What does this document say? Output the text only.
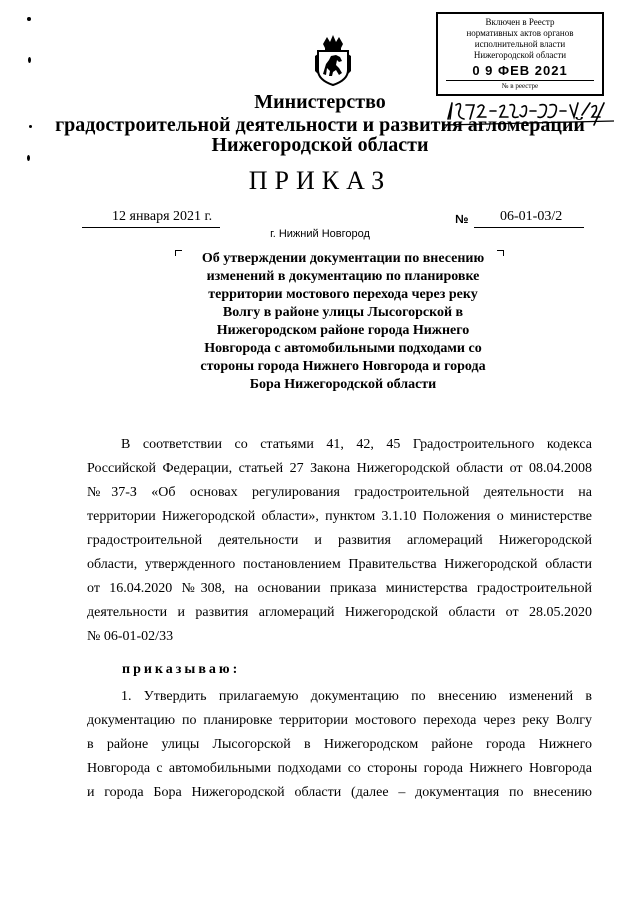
Включен в Реестр
нормативных актов органов
исполнительной власти
Нижегородской области
0 9 ФЕВ 2021
№ в реестре
Министерство
градостроительной деятельности и развития агломераций
Нижегородской области
ПРИКАЗ
12 января 2021 г.	№ 06-01-03/2
г. Нижний Новгород
Об утверждении документации по внесению
изменений в документацию по планировке
территории мостового перехода через реку
Волгу в районе улицы Лысогорской в
Нижегородском районе города Нижнего
Новгорода с автомобильными подходами со
стороны города Нижнего Новгорода и города
Бора Нижегородской области
В соответствии со статьями 41, 42, 45 Градостроительного кодекса
Российской Федерации, статьей 27 Закона Нижегородской области от 08.04.2008
№37-З «Об основах регулирования градостроительной деятельности на
территории Нижегородской области», пунктом 3.1.10 Положения о министерстве
градостроительной деятельности и развития агломераций Нижегородской
области, утвержденного постановлением Правительства Нижегородской области
от 16.04.2020 №308, на основании приказа министерства градостроительной
деятельности и развития агломераций Нижегородской области от 28.05.2020
№ 06-01-02/33
приказываю:
1. Утвердить прилагаемую документацию по внесению изменений в
документацию по планировке территории мостового перехода через реку Волгу
в районе улицы Лысогорской в Нижегородском районе города Нижнего
Новгорода с автомобильными подходами со стороны города Нижнего Новгорода
и города Бора Нижегородской области (далее – документация по внесению
